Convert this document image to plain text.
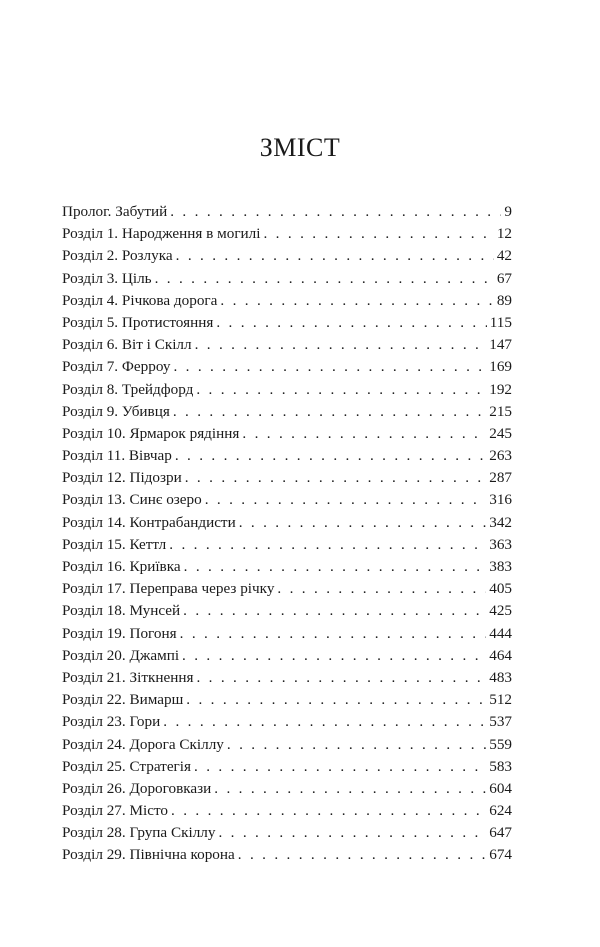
ЗМІСТ
Пролог. Забутий . . .	9
Розділ 1. Народження в могилі . . .	12
Розділ 2. Розлука . . .	42
Розділ 3. Ціль . . .	67
Розділ 4. Річкова дорога . . .	89
Розділ 5. Протистояння . . .	115
Розділ 6. Віт і Скілл . . .	147
Розділ 7. Ферроу . . .	169
Розділ 8. Трейдфорд . . .	192
Розділ 9. Убивця . . .	215
Розділ 10. Ярмарок рядіння . . .	245
Розділ 11. Вівчар . . .	263
Розділ 12. Підозри . . .	287
Розділ 13. Синє озеро . . .	316
Розділ 14. Контрабандисти . . .	342
Розділ 15. Кеттл . . .	363
Розділ 16. Криївка . . .	383
Розділ 17. Переправа через річку . . .	405
Розділ 18. Мунсей . . .	425
Розділ 19. Погоня . . .	444
Розділ 20. Джампі . . .	464
Розділ 21. Зіткнення . . .	483
Розділ 22. Вимарш . . .	512
Розділ 23. Гори . . .	537
Розділ 24. Дорога Скіллу . . .	559
Розділ 25. Стратегія . . .	583
Розділ 26. Дороговкази . . .	604
Розділ 27. Місто . . .	624
Розділ 28. Група Скіллу . . .	647
Розділ 29. Північна корона . . .	674
